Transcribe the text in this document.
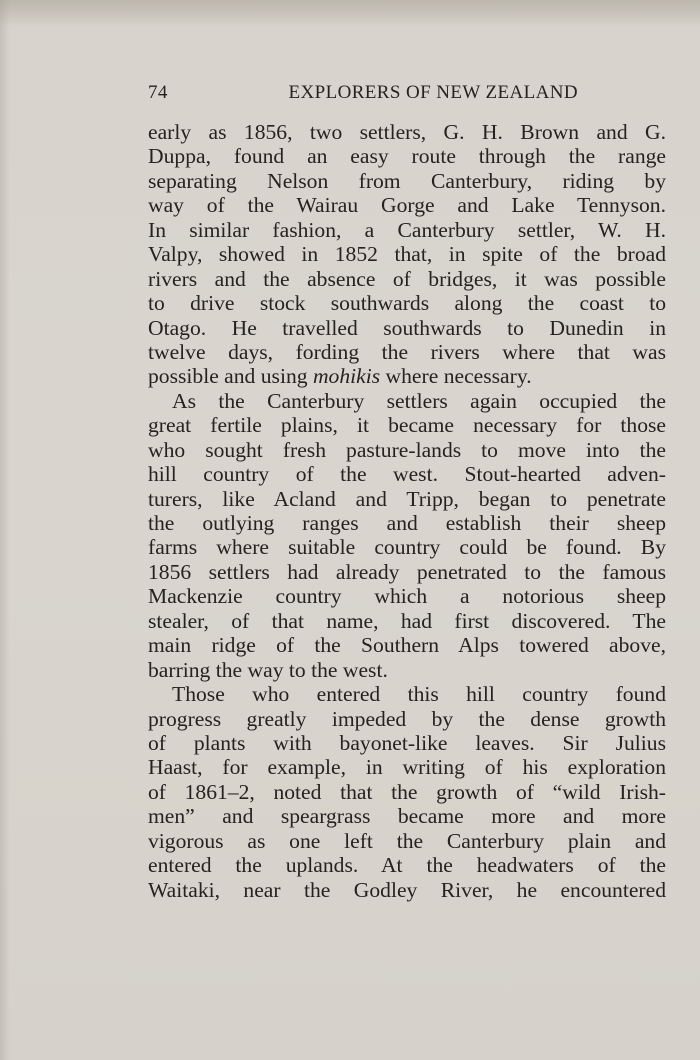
74	EXPLORERS OF NEW ZEALAND
early as 1856, two settlers, G. H. Brown and G.
Duppa, found an easy route through the range
separating Nelson from Canterbury, riding by
way of the Wairau Gorge and Lake Tennyson.
In similar fashion, a Canterbury settler, W. H.
Valpy, showed in 1852 that, in spite of the broad
rivers and the absence of bridges, it was possible
to drive stock southwards along the coast to
Otago. He travelled southwards to Dunedin in
twelve days, fording the rivers where that was
possible and using mohikis where necessary.
As the Canterbury settlers again occupied the
great fertile plains, it became necessary for those
who sought fresh pasture-lands to move into the
hill country of the west. Stout-hearted adven-
turers, like Acland and Tripp, began to penetrate
the outlying ranges and establish their sheep
farms where suitable country could be found. By
1856 settlers had already penetrated to the famous
Mackenzie country which a notorious sheep
stealer, of that name, had first discovered. The
main ridge of the Southern Alps towered above,
barring the way to the west.
Those who entered this hill country found
progress greatly impeded by the dense growth
of plants with bayonet-like leaves. Sir Julius
Haast, for example, in writing of his exploration
of 1861–2, noted that the growth of “wild Irish-
men” and speargrass became more and more
vigorous as one left the Canterbury plain and
entered the uplands. At the headwaters of the
Waitaki, near the Godley River, he encountered
